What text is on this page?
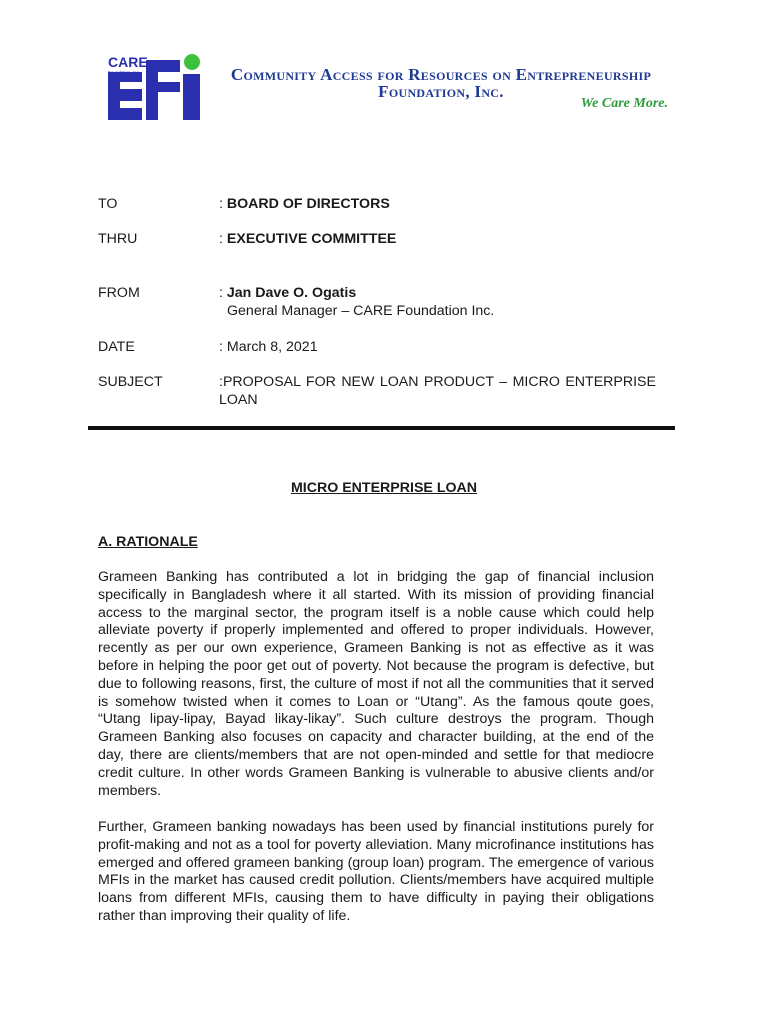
CARE
Foundation, Inc.	Community Access for Resources on Entrepreneurship
Foundation, Inc.
We Care More.
TO	: BOARD OF DIRECTORS
THRU	: EXECUTIVE COMMITTEE
FROM	: Jan Dave O. Ogatis
General Manager – CARE Foundation Inc.
DATE	: March 8, 2021
SUBJECT	:PROPOSAL FOR NEW LOAN PRODUCT – MICRO ENTERPRISE LOAN
MICRO ENTERPRISE LOAN
A. RATIONALE
Grameen Banking has contributed a lot in bridging the gap of financial inclusion specifically in Bangladesh where it all started. With its mission of providing financial access to the marginal sector, the program itself is a noble cause which could help alleviate poverty if properly implemented and offered to proper individuals. However, recently as per our own experience, Grameen Banking is not as effective as it was before in helping the poor get out of poverty. Not because the program is defective, but due to following reasons, first, the culture of most if not all the communities that it served is somehow twisted when it comes to Loan or “Utang”. As the famous qoute goes, “Utang lipay-lipay, Bayad likay-likay”. Such culture destroys the program. Though Grameen Banking also focuses on capacity and character building, at the end of the day, there are clients/members that are not open-minded and settle for that mediocre credit culture. In other words Grameen Banking is vulnerable to abusive clients and/or members.
Further, Grameen banking nowadays has been used by financial institutions purely for profit-making and not as a tool for poverty alleviation. Many microfinance institutions has emerged and offered grameen banking (group loan) program. The emergence of various MFIs in the market has caused credit pollution. Clients/members have acquired multiple loans from different MFIs, causing them to have difficulty in paying their obligations rather than improving their quality of life.
